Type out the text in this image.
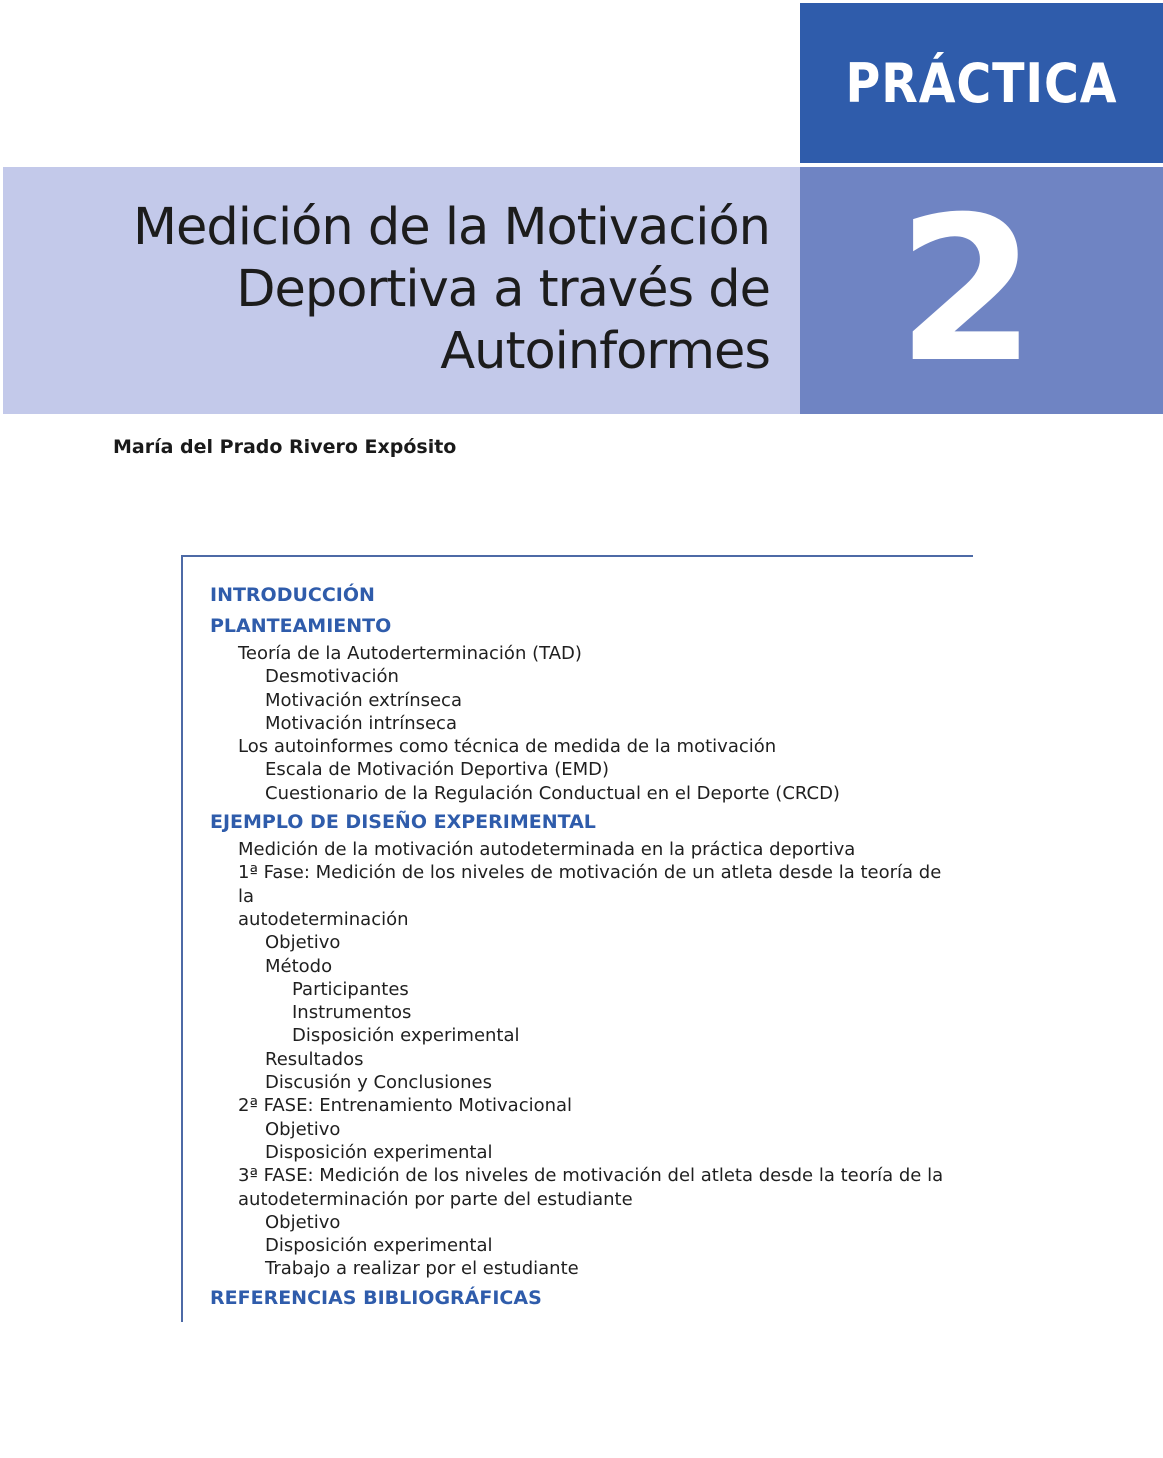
PRÁCTICA
Medición de la Motivación
Deportiva a través de
Autoinformes 2
María del Prado Rivero Expósito
INTRODUCCIÓN
PLANTEAMIENTO
Teoría de la Autoderterminación (TAD)
Desmotivación
Motivación extrínseca
Motivación intrínseca
Los autoinformes como técnica de medida de la motivación
Escala de Motivación Deportiva (EMD)
Cuestionario de la Regulación Conductual en el Deporte (CRCD)
EJEMPLO DE DISEÑO EXPERIMENTAL
Medición de la motivación autodeterminada en la práctica deportiva
1ª Fase: Medición de los niveles de motivación de un atleta desde la teoría de la
autodeterminación
Objetivo
Método
Participantes
Instrumentos
Disposición experimental
Resultados
Discusión y Conclusiones
2ª FASE: Entrenamiento Motivacional
Objetivo
Disposición experimental
3ª FASE: Medición de los niveles de motivación del atleta desde la teoría de la
autodeterminación por parte del estudiante
Objetivo
Disposición experimental
Trabajo a realizar por el estudiante
REFERENCIAS BIBLIOGRÁFICAS
